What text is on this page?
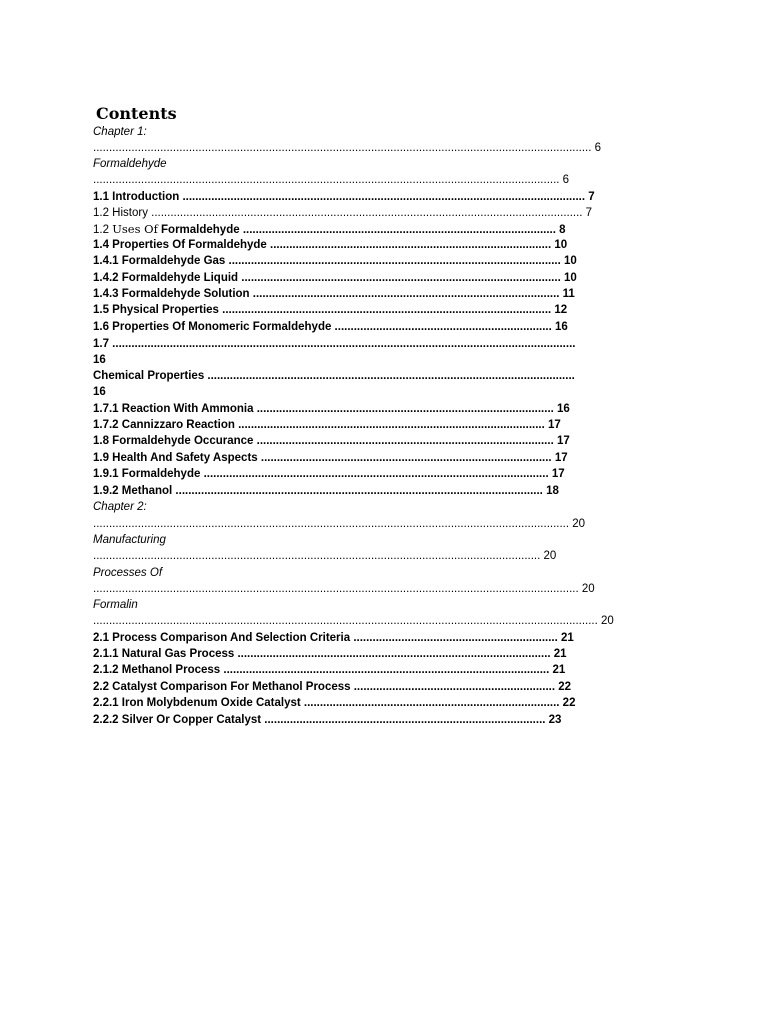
Contents
Chapter 1:
............................................................................................................................................................ 6
Formaldehyde
.................................................................................................................................................. 6
1.1 Introduction .............................................................................................................................. 7
1.2 History ....................................................................................................................................... 7
1.2 Uses Of Formaldehyde .................................................................................................. 8
1.4 Properties Of Formaldehyde ........................................................................................ 10
1.4.1 Formaldehyde Gas ........................................................................................................ 10
1.4.2 Formaldehyde Liquid .................................................................................................... 10
1.4.3 Formaldehyde Solution ................................................................................................ 11
1.5 Physical Properties ....................................................................................................... 12
1.6 Properties Of Monomeric Formaldehyde .................................................................... 16
1.7 .................................................................................................................................................
16
Chemical Properties ...................................................................................................................
16
1.7.1 Reaction With Ammonia ............................................................................................. 16
1.7.2 Cannizzaro Reaction ................................................................................................ 17
1.8 Formaldehyde Occurance ............................................................................................. 17
1.9 Health And Safety Aspects ........................................................................................... 17
1.9.1 Formaldehyde ............................................................................................................ 17
1.9.2 Methanol ................................................................................................................... 18
Chapter 2:
..................................................................................................................................................... 20
Manufacturing
............................................................................................................................................ 20
Processes Of
........................................................................................................................................................ 20
Formalin
.............................................................................................................................................................. 20
2.1 Process Comparison And Selection Criteria ................................................................ 21
2.1.1 Natural Gas Process .................................................................................................. 21
2.1.2 Methanol Process ...................................................................................................... 21
2.2 Catalyst Comparison For Methanol Process ............................................................... 22
2.2.1 Iron Molybdenum Oxide Catalyst ................................................................................ 22
2.2.2 Silver Or Copper Catalyst ........................................................................................ 23
